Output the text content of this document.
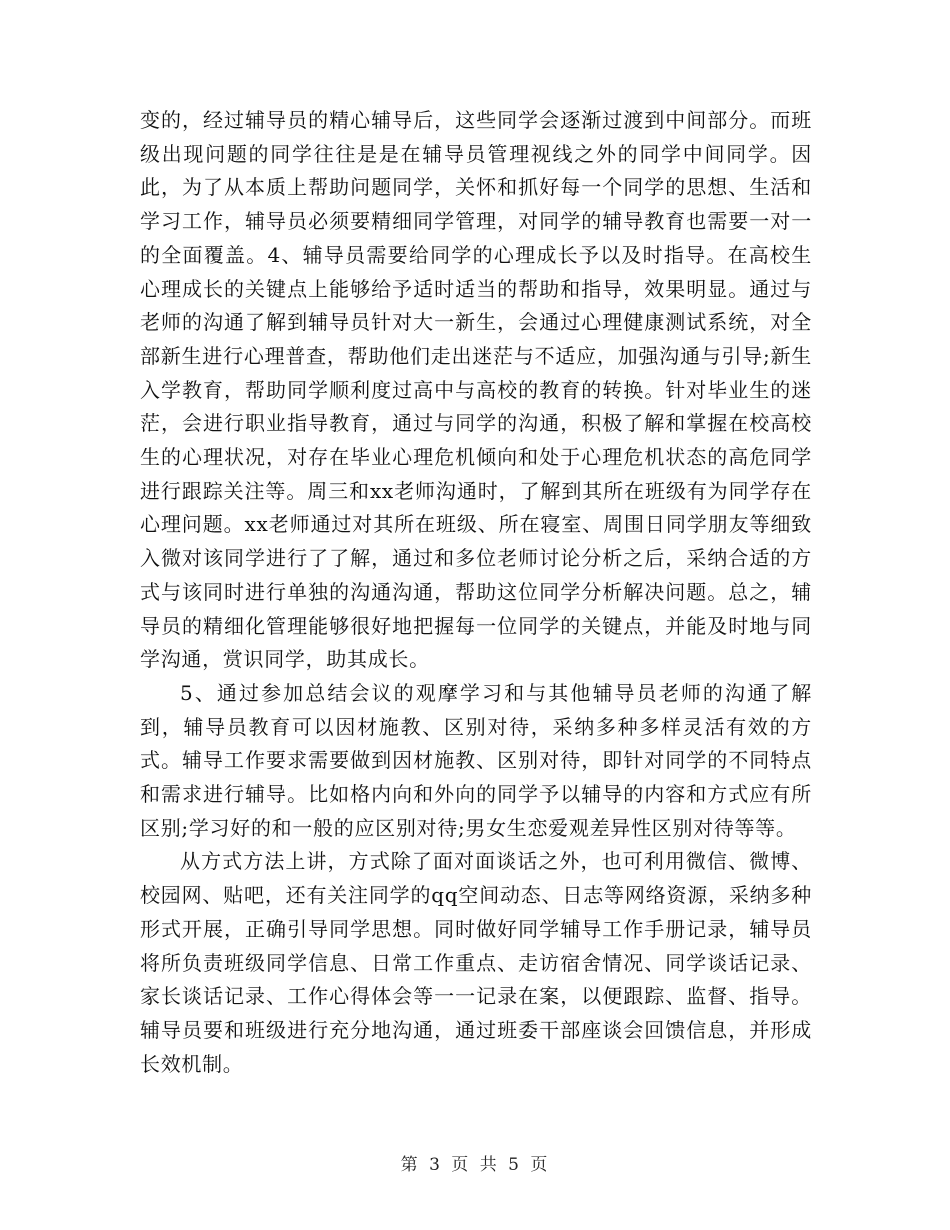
变的，经过辅导员的精心辅导后，这些同学会逐渐过渡到中间部分。而班级出现问题的同学往往是是在辅导员管理视线之外的同学中间同学。因此，为了从本质上帮助问题同学，关怀和抓好每一个同学的思想、生活和学习工作，辅导员必须要精细同学管理，对同学的辅导教育也需要一对一的全面覆盖。4、辅导员需要给同学的心理成长予以及时指导。在高校生心理成长的关键点上能够给予适时适当的帮助和指导，效果明显。通过与老师的沟通了解到辅导员针对大一新生，会通过心理健康测试系统，对全部新生进行心理普查，帮助他们走出迷茫与不适应，加强沟通与引导;新生入学教育，帮助同学顺利度过高中与高校的教育的转换。针对毕业生的迷茫，会进行职业指导教育，通过与同学的沟通，积极了解和掌握在校高校生的心理状况，对存在毕业心理危机倾向和处于心理危机状态的高危同学进行跟踪关注等。周三和xx老师沟通时，了解到其所在班级有为同学存在心理问题。xx老师通过对其所在班级、所在寝室、周围日同学朋友等细致入微对该同学进行了了解，通过和多位老师讨论分析之后，采纳合适的方式与该同时进行单独的沟通沟通，帮助这位同学分析解决问题。总之，辅导员的精细化管理能够很好地把握每一位同学的关键点，并能及时地与同学沟通，赏识同学，助其成长。

5、通过参加总结会议的观摩学习和与其他辅导员老师的沟通了解到，辅导员教育可以因材施教、区别对待，采纳多种多样灵活有效的方式。辅导工作要求需要做到因材施教、区别对待，即针对同学的不同特点和需求进行辅导。比如格内向和外向的同学予以辅导的内容和方式应有所区别;学习好的和一般的应区别对待;男女生恋爱观差异性区别对待等等。

从方式方法上讲，方式除了面对面谈话之外，也可利用微信、微博、校园网、贴吧，还有关注同学的qq空间动态、日志等网络资源，采纳多种形式开展，正确引导同学思想。同时做好同学辅导工作手册记录，辅导员将所负责班级同学信息、日常工作重点、走访宿舍情况、同学谈话记录、家长谈话记录、工作心得体会等一一记录在案，以便跟踪、监督、指导。辅导员要和班级进行充分地沟通，通过班委干部座谈会回馈信息，并形成长效机制。

第 3 页 共 5 页
